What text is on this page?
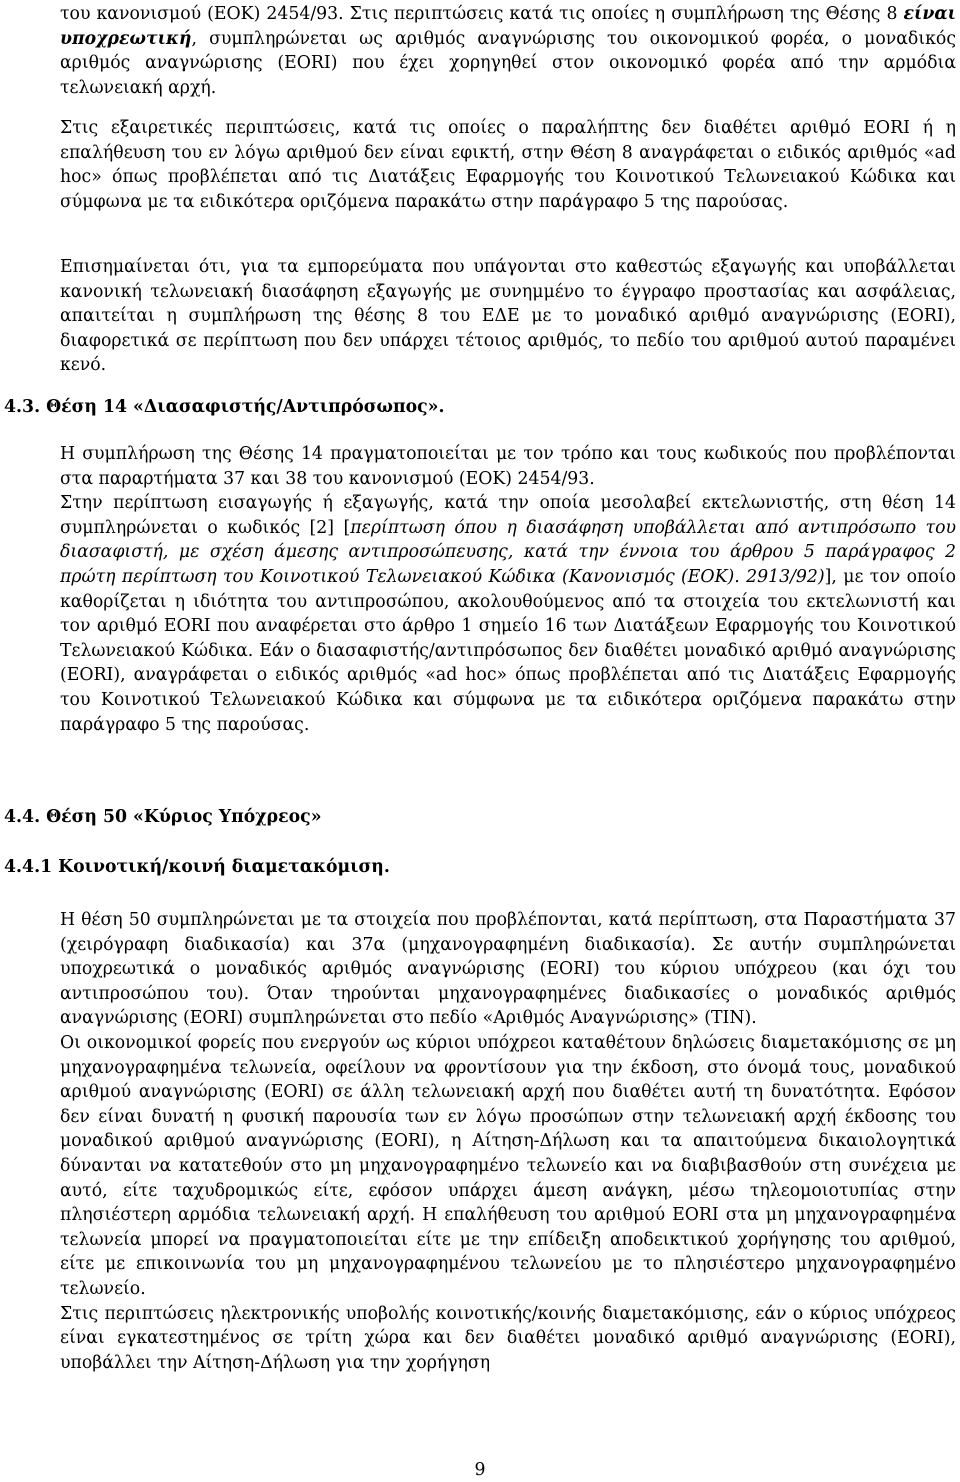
του κανονισμού (ΕΟΚ) 2454/93. Στις περιπτώσεις κατά τις οποίες η συμπλήρωση της Θέσης 8 είναι υποχρεωτική, συμπληρώνεται ως αριθμός αναγνώρισης του οικονομικού φορέα, ο μοναδικός αριθμός αναγνώρισης (EORI) που έχει χορηγηθεί στον οικονομικό φορέα από την αρμόδια τελωνειακή αρχή.

Στις εξαιρετικές περιπτώσεις, κατά τις οποίες ο παραλήπτης δεν διαθέτει αριθμό EORI ή η επαλήθευση του εν λόγω αριθμού δεν είναι εφικτή, στην Θέση 8 αναγράφεται ο ειδικός αριθμός «ad hoc» όπως προβλέπεται από τις Διατάξεις Εφαρμογής του Κοινοτικού Τελωνειακού Κώδικα και σύμφωνα με τα ειδικότερα οριζόμενα παρακάτω στην παράγραφο 5 της παρούσας.

Επισημαίνεται ότι, για τα εμπορεύματα που υπάγονται στο καθεστώς εξαγωγής και υποβάλλεται κανονική τελωνειακή διασάφηση εξαγωγής με συνημμένο το έγγραφο προστασίας και ασφάλειας, απαιτείται η συμπλήρωση της θέσης 8 του ΕΔΕ με το μοναδικό αριθμό αναγνώρισης (EORI), διαφορετικά σε περίπτωση που δεν υπάρχει τέτοιος αριθμός, το πεδίο του αριθμού αυτού παραμένει κενό.

4.3. Θέση 14 «Διασαφιστής/Αντιπρόσωπος».

Η συμπλήρωση της Θέσης 14 πραγματοποιείται με τον τρόπο και τους κωδικούς που προβλέπονται στα παραρτήματα 37 και 38 του κανονισμού (ΕΟΚ) 2454/93.
Στην περίπτωση εισαγωγής ή εξαγωγής, κατά την οποία μεσολαβεί εκτελωνιστής, στη θέση 14 συμπληρώνεται ο κωδικός [2] [περίπτωση όπου η διασάφηση υποβάλλεται από αντιπρόσωπο του διασαφιστή, με σχέση άμεσης αντιπροσώπευσης, κατά την έννοια του άρθρου 5 παράγραφος 2 πρώτη περίπτωση του Κοινοτικού Τελωνειακού Κώδικα (Κανονισμός (ΕΟΚ). 2913/92)], με τον οποίο καθορίζεται η ιδιότητα του αντιπροσώπου, ακολουθούμενος από τα στοιχεία του εκτελωνιστή και τον αριθμό EORI που αναφέρεται στο άρθρο 1 σημείο 16 των Διατάξεων Εφαρμογής του Κοινοτικού Τελωνειακού Κώδικα. Εάν ο διασαφιστής/αντιπρόσωπος δεν διαθέτει μοναδικό αριθμό αναγνώρισης (EORI), αναγράφεται ο ειδικός αριθμός «ad hoc» όπως προβλέπεται από τις Διατάξεις Εφαρμογής του Κοινοτικού Τελωνειακού Κώδικα και σύμφωνα με τα ειδικότερα οριζόμενα παρακάτω στην παράγραφο 5 της παρούσας.

4.4. Θέση 50 «Κύριος Υπόχρεος»
4.4.1 Κοινοτική/κοινή διαμετακόμιση.

Η θέση 50 συμπληρώνεται με τα στοιχεία που προβλέπονται, κατά περίπτωση, στα Παραστήματα 37 (χειρόγραφη διαδικασία) και 37α (μηχανογραφημένη διαδικασία). Σε αυτήν συμπληρώνεται υποχρεωτικά ο μοναδικός αριθμός αναγνώρισης (EORI) του κύριου υπόχρεου (και όχι του αντιπροσώπου του). Όταν τηρούνται μηχανογραφημένες διαδικασίες ο μοναδικός αριθμός αναγνώρισης (EORI) συμπληρώνεται στο πεδίο «Αριθμός Αναγνώρισης» (TIN).
Οι οικονομικοί φορείς που ενεργούν ως κύριοι υπόχρεοι καταθέτουν δηλώσεις διαμετακόμισης σε μη μηχανογραφημένα τελωνεία, οφείλουν να φροντίσουν για την έκδοση, στο όνομά τους, μοναδικού αριθμού αναγνώρισης (EORI) σε άλλη τελωνειακή αρχή που διαθέτει αυτή τη δυνατότητα. Εφόσον δεν είναι δυνατή η φυσική παρουσία των εν λόγω προσώπων στην τελωνειακή αρχή έκδοσης του μοναδικού αριθμού αναγνώρισης (EORI), η Αίτηση-Δήλωση και τα απαιτούμενα δικαιολογητικά δύνανται να κατατεθούν στο μη μηχανογραφημένο τελωνείο και να διαβιβασθούν στη συνέχεια με αυτό, είτε ταχυδρομικώς είτε, εφόσον υπάρχει άμεση ανάγκη, μέσω τηλεομοιοτυπίας στην πλησιέστερη αρμόδια τελωνειακή αρχή. Η επαλήθευση του αριθμού EORI στα μη μηχανογραφημένα τελωνεία μπορεί να πραγματοποιείται είτε με την επίδειξη αποδεικτικού χορήγησης του αριθμού, είτε με επικοινωνία του μη μηχανογραφημένου τελωνείου με το πλησιέστερο μηχανογραφημένο τελωνείο.
Στις περιπτώσεις ηλεκτρονικής υποβολής κοινοτικής/κοινής διαμετακόμισης, εάν ο κύριος υπόχρεος είναι εγκατεστημένος σε τρίτη χώρα και δεν διαθέτει μοναδικό αριθμό αναγνώρισης (EORI), υποβάλλει την Αίτηση-Δήλωση για την χορήγηση

9
